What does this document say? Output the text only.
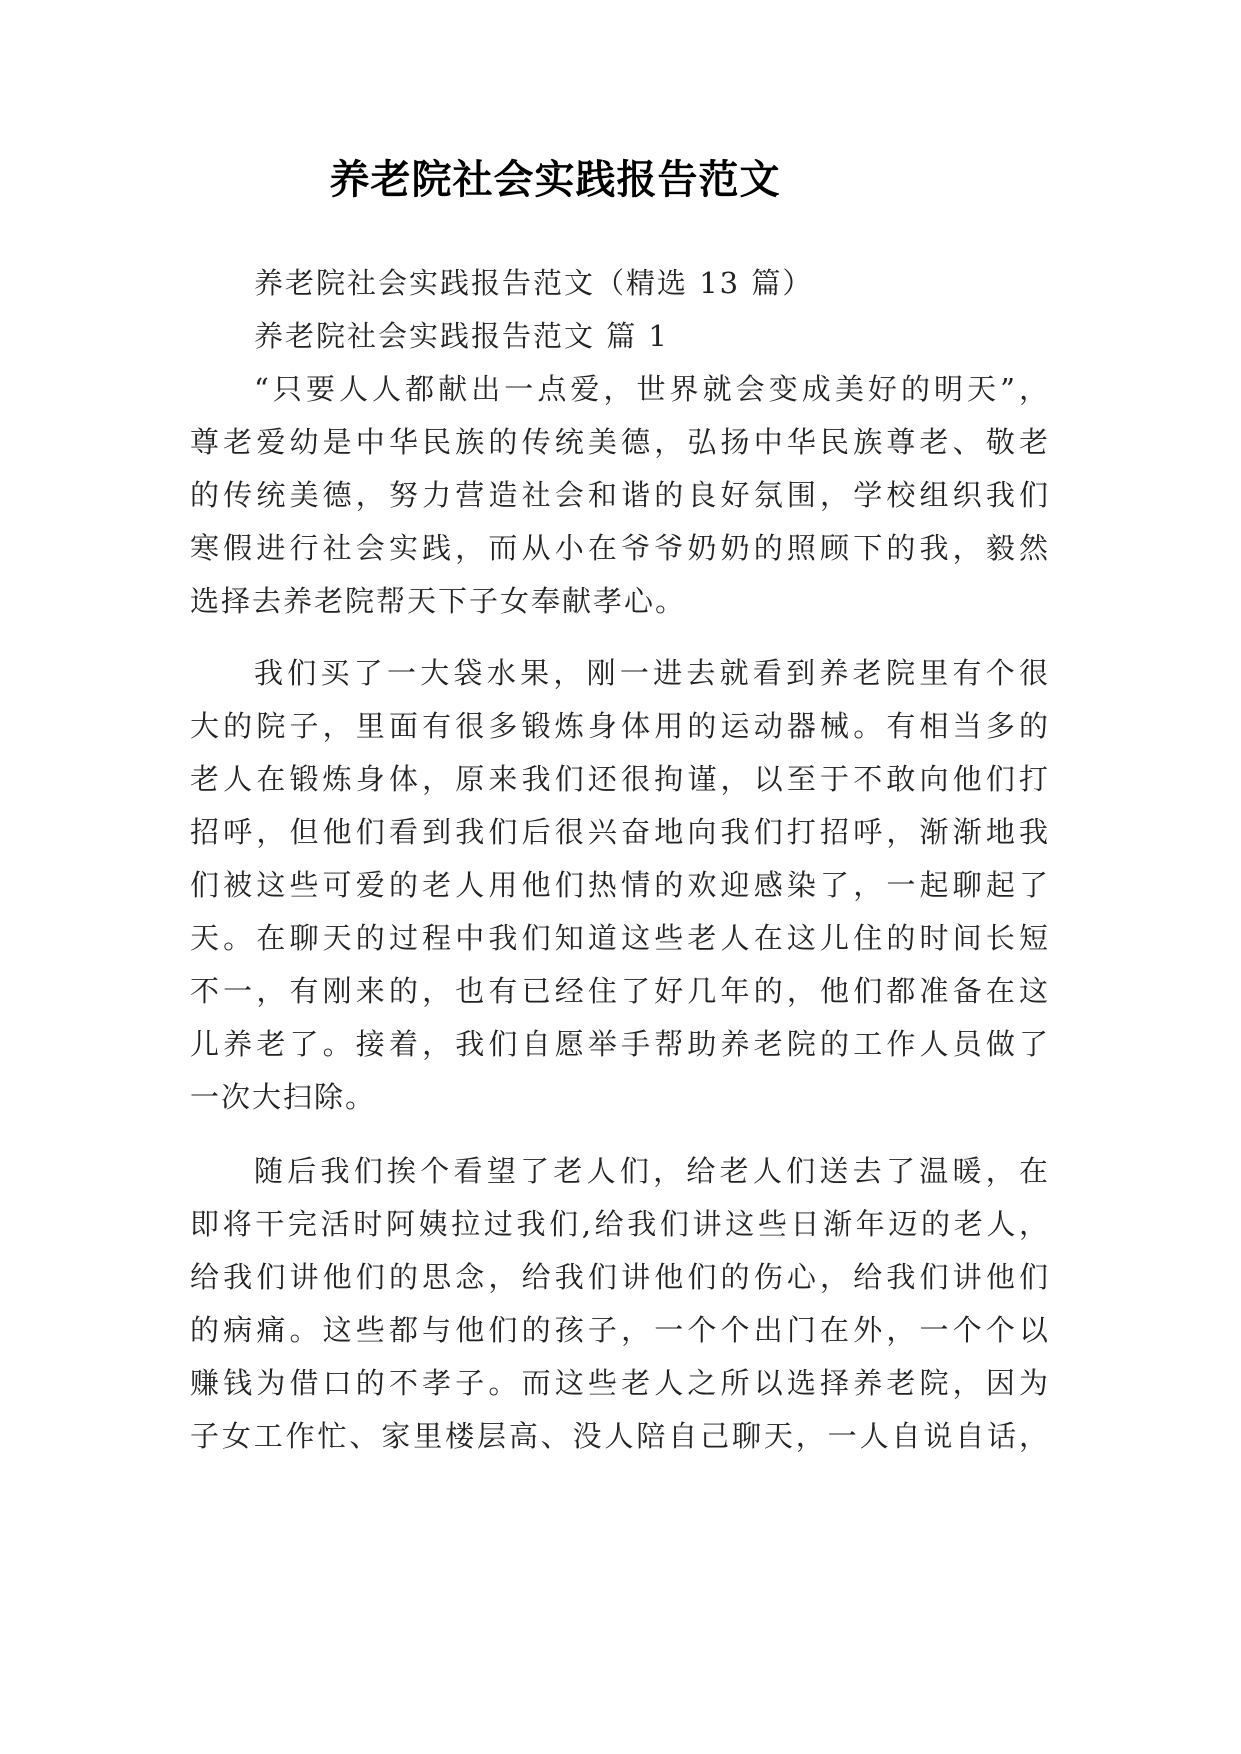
养老院社会实践报告范文
养老院社会实践报告范文（精选 13 篇）
养老院社会实践报告范文 篇 1
“只要人人都献出一点爱，世界就会变成美好的明天”，
尊老爱幼是中华民族的传统美德，弘扬中华民族尊老、敬老
的传统美德，努力营造社会和谐的良好氛围，学校组织我们
寒假进行社会实践，而从小在爷爷奶奶的照顾下的我，毅然
选择去养老院帮天下子女奉献孝心。
我们买了一大袋水果，刚一进去就看到养老院里有个很
大的院子，里面有很多锻炼身体用的运动器械。有相当多的
老人在锻炼身体，原来我们还很拘谨，以至于不敢向他们打
招呼，但他们看到我们后很兴奋地向我们打招呼，渐渐地我
们被这些可爱的老人用他们热情的欢迎感染了，一起聊起了
天。在聊天的过程中我们知道这些老人在这儿住的时间长短
不一，有刚来的，也有已经住了好几年的，他们都准备在这
儿养老了。接着，我们自愿举手帮助养老院的工作人员做了
一次大扫除。
随后我们挨个看望了老人们，给老人们送去了温暖，在
即将干完活时阿姨拉过我们,给我们讲这些日渐年迈的老人，
给我们讲他们的思念，给我们讲他们的伤心，给我们讲他们
的病痛。这些都与他们的孩子，一个个出门在外，一个个以
赚钱为借口的不孝子。而这些老人之所以选择养老院，因为
子女工作忙、家里楼层高、没人陪自己聊天，一人自说自话，
